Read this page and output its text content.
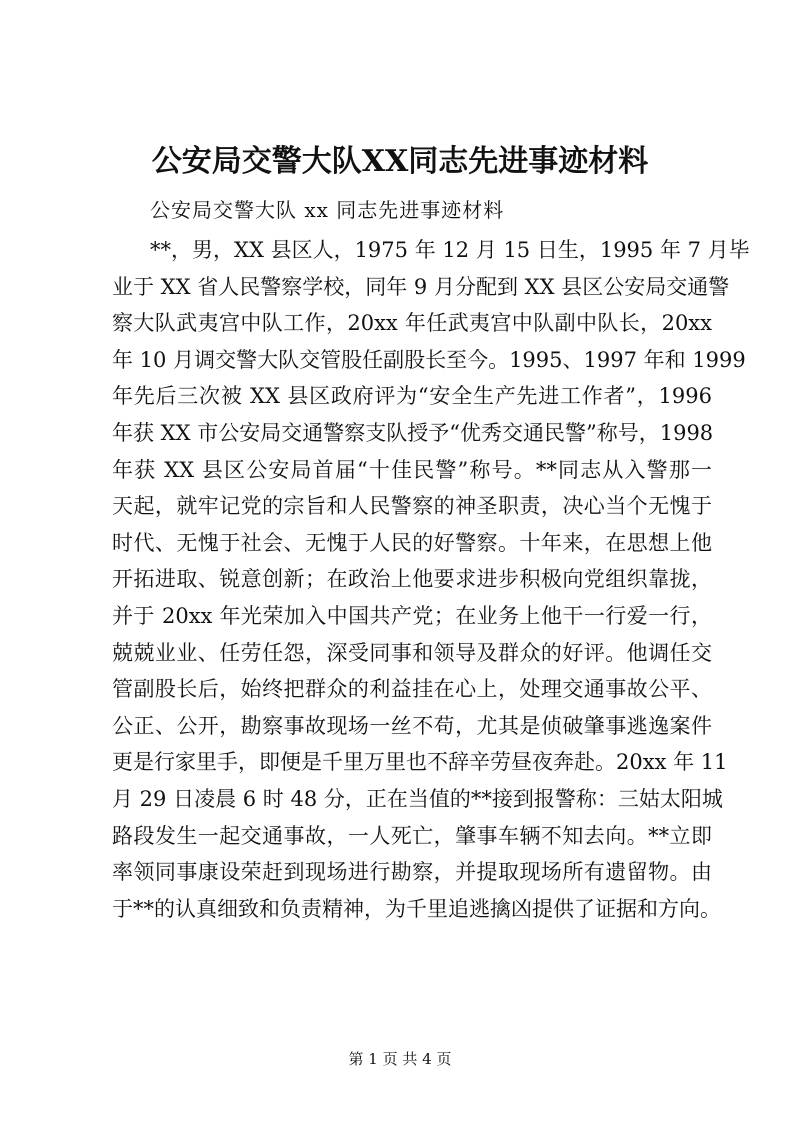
公安局交警大队XX同志先进事迹材料
公安局交警大队 xx 同志先进事迹材料
**，男，XX 县区人，1975 年 12 月 15 日生，1995 年 7 月毕
业于 XX 省人民警察学校，同年 9 月分配到 XX 县区公安局交通警
察大队武夷宫中队工作，20xx 年任武夷宫中队副中队长，20xx
年 10 月调交警大队交管股任副股长至今。1995、1997 年和 1999
年先后三次被 XX 县区政府评为“安全生产先进工作者”，1996
年获 XX 市公安局交通警察支队授予“优秀交通民警”称号，1998
年获 XX 县区公安局首届“十佳民警”称号。**同志从入警那一
天起，就牢记党的宗旨和人民警察的神圣职责，决心当个无愧于
时代、无愧于社会、无愧于人民的好警察。十年来，在思想上他
开拓进取、锐意创新；在政治上他要求进步积极向党组织靠拢，
并于 20xx 年光荣加入中国共产党；在业务上他干一行爱一行，
兢兢业业、任劳任怨，深受同事和领导及群众的好评。他调任交
管副股长后，始终把群众的利益挂在心上，处理交通事故公平、
公正、公开，勘察事故现场一丝不苟，尤其是侦破肇事逃逸案件
更是行家里手，即便是千里万里也不辞辛劳昼夜奔赴。20xx 年 11
月 29 日凌晨 6 时 48 分，正在当值的**接到报警称：三姑太阳城
路段发生一起交通事故，一人死亡，肇事车辆不知去向。**立即
率领同事康设荣赶到现场进行勘察，并提取现场所有遗留物。由
于**的认真细致和负责精神，为千里追逃擒凶提供了证据和方向。
第 1 页 共 4 页
